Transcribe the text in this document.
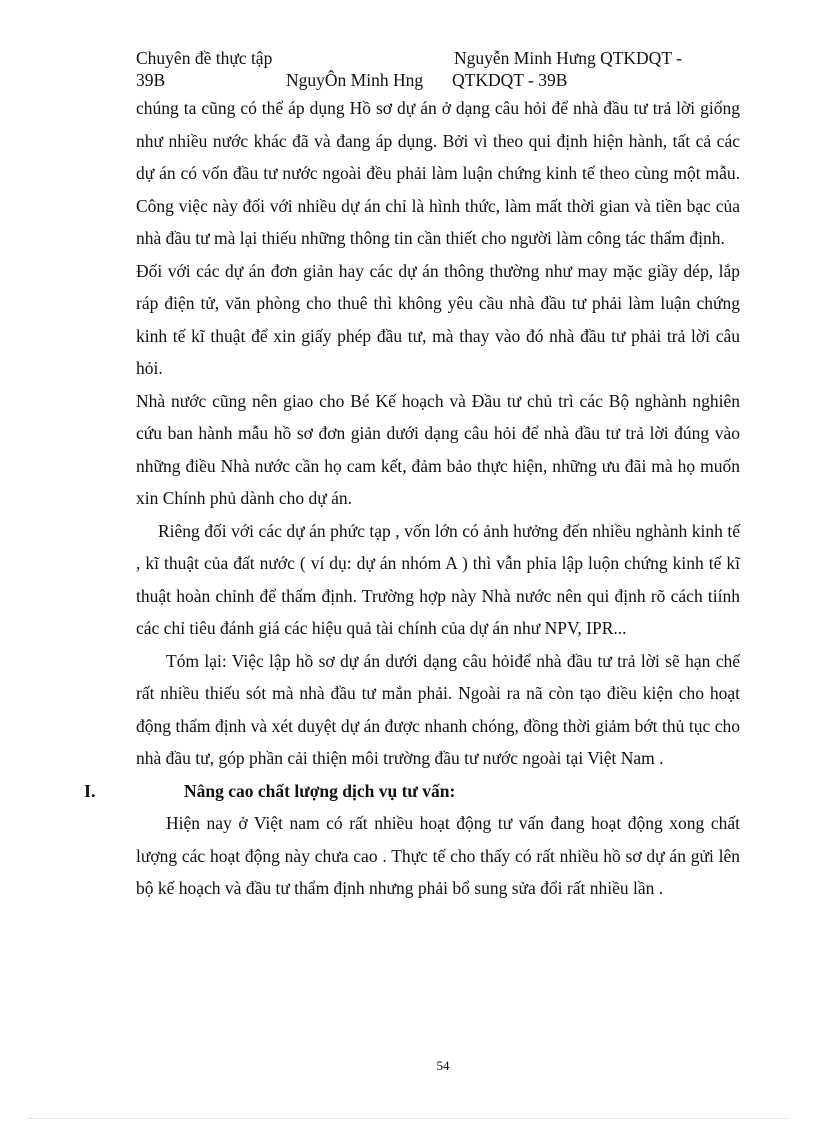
Chuyên đề thực tập	Nguyễn Minh Hưng QTKDQT -
39B	NguyÔn Minh Hng QTKDQT - 39B

chúng ta cũng có thể áp dụng Hồ sơ dự án ở dạng câu hỏi để nhà đầu tư trả lời giống như nhiều nước khác đã và đang áp dụng. Bởi vì theo qui định hiện hành, tất cả các dự án có vốn đầu tư nước ngoài đều phải làm luận chứng kinh tế theo cùng một mẫu. Công việc này đối với nhiều dự án chỉ là hình thức, làm mất thời gian và tiền bạc của nhà đầu tư mà lại thiếu những thông tin cần thiết cho người làm công tác thẩm định.

Đối với các dự án đơn giản hay các dự án thông thường như may mặc giầy dép, lắp ráp điện tử, văn phòng cho thuê thì không yêu cầu nhà đầu tư phải làm luận chứng kinh tế kĩ thuật để xin giấy phép đầu tư, mà thay vào đó nhà đầu tư phải trả lời câu hỏi.

Nhà nước cũng nên giao cho Bé Kế hoạch và Đầu tư chủ trì các Bộ nghành nghiên cứu ban hành mẫu hồ sơ đơn giản dưới dạng câu hỏi để nhà đầu tư trả lời đúng vào những điều Nhà nước cần họ cam kết, đảm bảo thực hiện, những ưu đãi mà họ muốn xin Chính phủ dành cho dự án.

Riêng đối với các dự án phức tạp , vốn lớn có ảnh hưởng đến nhiều nghành kinh tế , kĩ thuật của đất nước ( ví dụ: dự án nhóm A ) thì vẫn phỉa lập luộn chứng kinh tế kĩ thuật hoàn chỉnh để thẩm định. Trường hợp này Nhà nước nên qui định rõ cách tiính các chỉ tiêu đánh giá các hiệu quả tài chính của dự án như NPV, IPR...

Tóm lại: Việc lập hồ sơ dự án dưới dạng câu hỏiđể nhà đầu tư trả lời sẽ hạn chế rất nhiều thiếu sót mà nhà đầu tư mắn phải. Ngoài ra nã còn tạo điều kiện cho hoạt động thẩm định và xét duyệt dự án được nhanh chóng, đồng thời giảm bớt thủ tục cho nhà đầu tư, góp phần cải thiện môi trường đầu tư nước ngoài tại Việt Nam .

I.	Nâng cao chất lượng dịch vụ tư vấn:

Hiện nay ở Việt nam có rất nhiều hoạt động tư vấn đang hoạt động xong chất lượng các hoạt động này chưa cao . Thực tế cho thấy có rất nhiều hồ sơ dự án gửi lên bộ kế hoạch và đầu tư thẩm định nhưng phải bổ sung sửa đổi rất nhiều lần .

54
